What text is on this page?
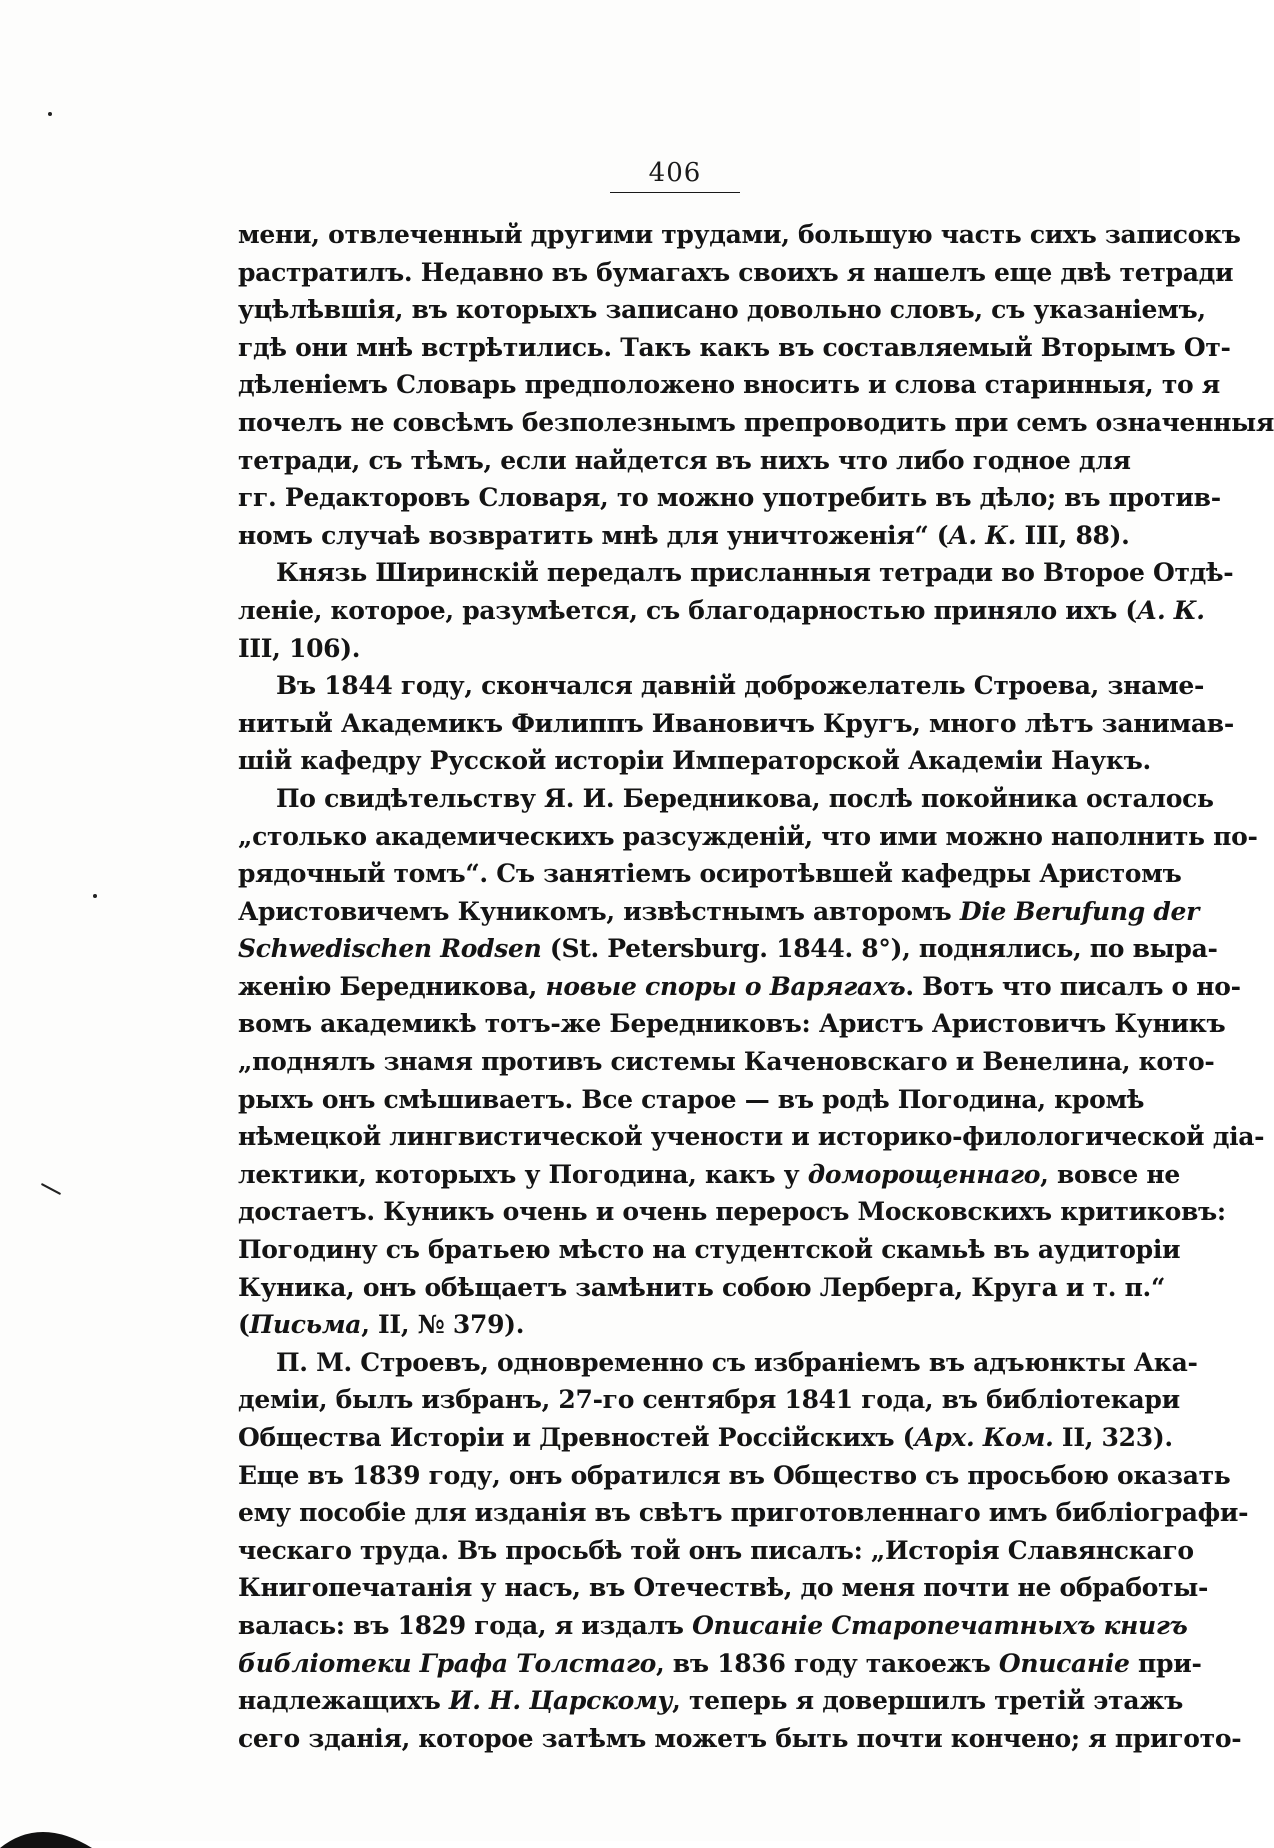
406
мени, отвлеченный другими трудами, большую часть сихъ записокъ
растратилъ. Недавно въ бумагахъ своихъ я нашелъ еще двѣ тетради
уцѣлѣвшія, въ которыхъ записано довольно словъ, съ указаніемъ,
гдѣ они мнѣ встрѣтились. Такъ какъ въ составляемый Вторымъ От-
дѣленіемъ Словарь предположено вносить и слова старинныя, то я
почелъ не совсѣмъ безполезнымъ препроводить при семъ означенныя
тетради, съ тѣмъ, если найдется въ нихъ что либо годное для
гг. Редакторовъ Словаря, то можно употребить въ дѣло; въ против-
номъ случаѣ возвратить мнѣ для уничтоженія“ (А. К. III, 88).
Князь Ширинскій передалъ присланныя тетради во Второе Отдѣ-
леніе, которое, разумѣется, съ благодарностью приняло ихъ (А. К.
III, 106).
Въ 1844 году, скончался давній доброжелатель Строева, знаме-
нитый Академикъ Филиппъ Ивановичъ Кругъ, много лѣтъ занимав-
шій кафедру Русской исторіи Императорской Академіи Наукъ.
По свидѣтельству Я. И. Бередникова, послѣ покойника осталось
„столько академическихъ разсужденій, что ими можно наполнить по-
рядочный томъ“. Съ занятіемъ осиротѣвшей кафедры Аристомъ
Аристовичемъ Куникомъ, извѣстнымъ авторомъ Die Berufung der
Schwedischen Rodsen (St. Petersburg. 1844. 8°), поднялись, по выра-
женію Бередникова, новые споры о Варягахъ. Вотъ что писалъ о но-
вомъ академикѣ тотъ-же Бередниковъ: Аристъ Аристовичъ Куникъ
„поднялъ знамя противъ системы Каченовскаго и Венелина, кото-
рыхъ онъ смѣшиваетъ. Все старое — въ родѣ Погодина, кромѣ
нѣмецкой лингвистической учености и историко-филологической діа-
лектики, которыхъ у Погодина, какъ у доморощеннаго, вовсе не
достаетъ. Куникъ очень и очень переросъ Московскихъ критиковъ:
Погодину съ братьею мѣсто на студентской скамьѣ въ аудиторіи
Куника, онъ обѣщаетъ замѣнить собою Лерберга, Круга и т. п.“
(Письма, II, № 379).
П. М. Строевъ, одновременно съ избраніемъ въ адъюнкты Ака-
деміи, былъ избранъ, 27-го сентября 1841 года, въ библіотекари
Общества Исторіи и Древностей Россійскихъ (Арх. Ком. II, 323).
Еще въ 1839 году, онъ обратился въ Общество съ просьбою оказать
ему пособіе для изданія въ свѣтъ приготовленнаго имъ библіографи-
ческаго труда. Въ просьбѣ той онъ писалъ: „Исторія Славянскаго
Книгопечатанія у насъ, въ Отечествѣ, до меня почти не обработы-
валась: въ 1829 года, я издалъ Описаніе Старопечатныхъ книгъ
библіотеки Графа Толстаго, въ 1836 году такоежъ Описаніе при-
надлежащихъ И. Н. Царскому, теперь я довершилъ третій этажъ
сего зданія, которое затѣмъ можетъ быть почти кончено; я пригото-
